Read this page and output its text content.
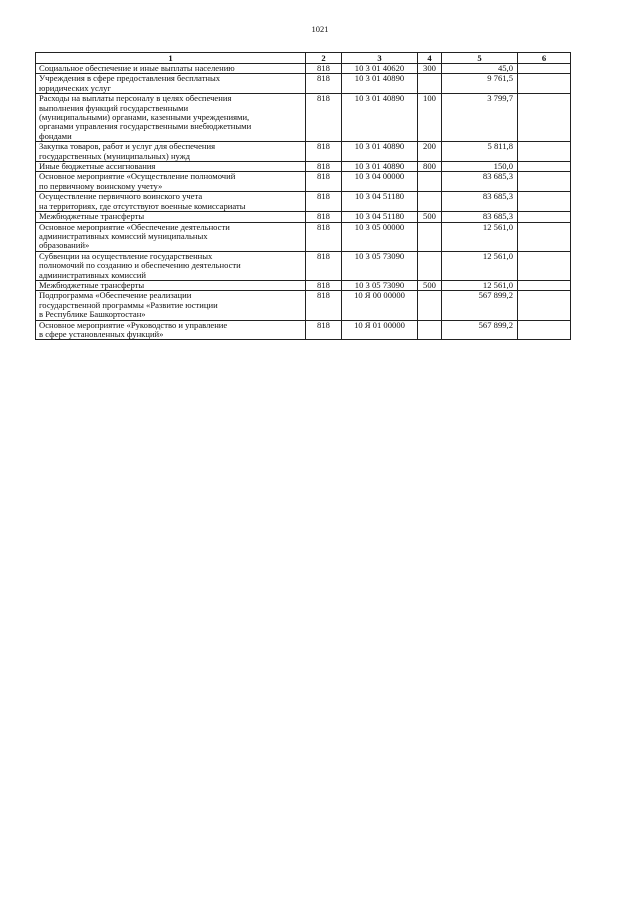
1021
1	2	3	4	5	6

Социальное обеспечение и иные выплаты населению	818	10 3 01 40620	300	45,0	

Учреждения в сфере предоставления бесплатных
юридических услуг	818	10 3 01 40890		9 761,5	

Расходы на выплаты персоналу в целях обеспечения
выполнения функций государственными
(муниципальными) органами, казенными учреждениями,
органами управления государственными внебюджетными
фондами	818	10 3 01 40890	100	3 799,7	

Закупка товаров, работ и услуг для обеспечения
государственных (муниципальных) нужд	818	10 3 01 40890	200	5 811,8	

Иные бюджетные ассигнования	818	10 3 01 40890	800	150,0	

Основное мероприятие «Осуществление полномочий
по первичному воинскому учету»	818	10 3 04 00000		83 685,3	

Осуществление первичного воинского учета
на территориях, где отсутствуют военные комиссариаты	818	10 3 04 51180		83 685,3	

Межбюджетные трансферты	818	10 3 04 51180	500	83 685,3	

Основное мероприятие «Обеспечение деятельности
административных комиссий муниципальных
образований»	818	10 3 05 00000		12 561,0	

Субвенции на осуществление государственных
полномочий по созданию и обеспечению деятельности
административных комиссий	818	10 3 05 73090		12 561,0	

Межбюджетные трансферты	818	10 3 05 73090	500	12 561,0	

Подпрограмма «Обеспечение реализации
государственной программы «Развитие юстиции
в Республике Башкортостан»	818	10 Я 00 00000		567 899,2	

Основное мероприятие «Руководство и управление
в сфере установленных функций»	818	10 Я 01 00000		567 899,2	
